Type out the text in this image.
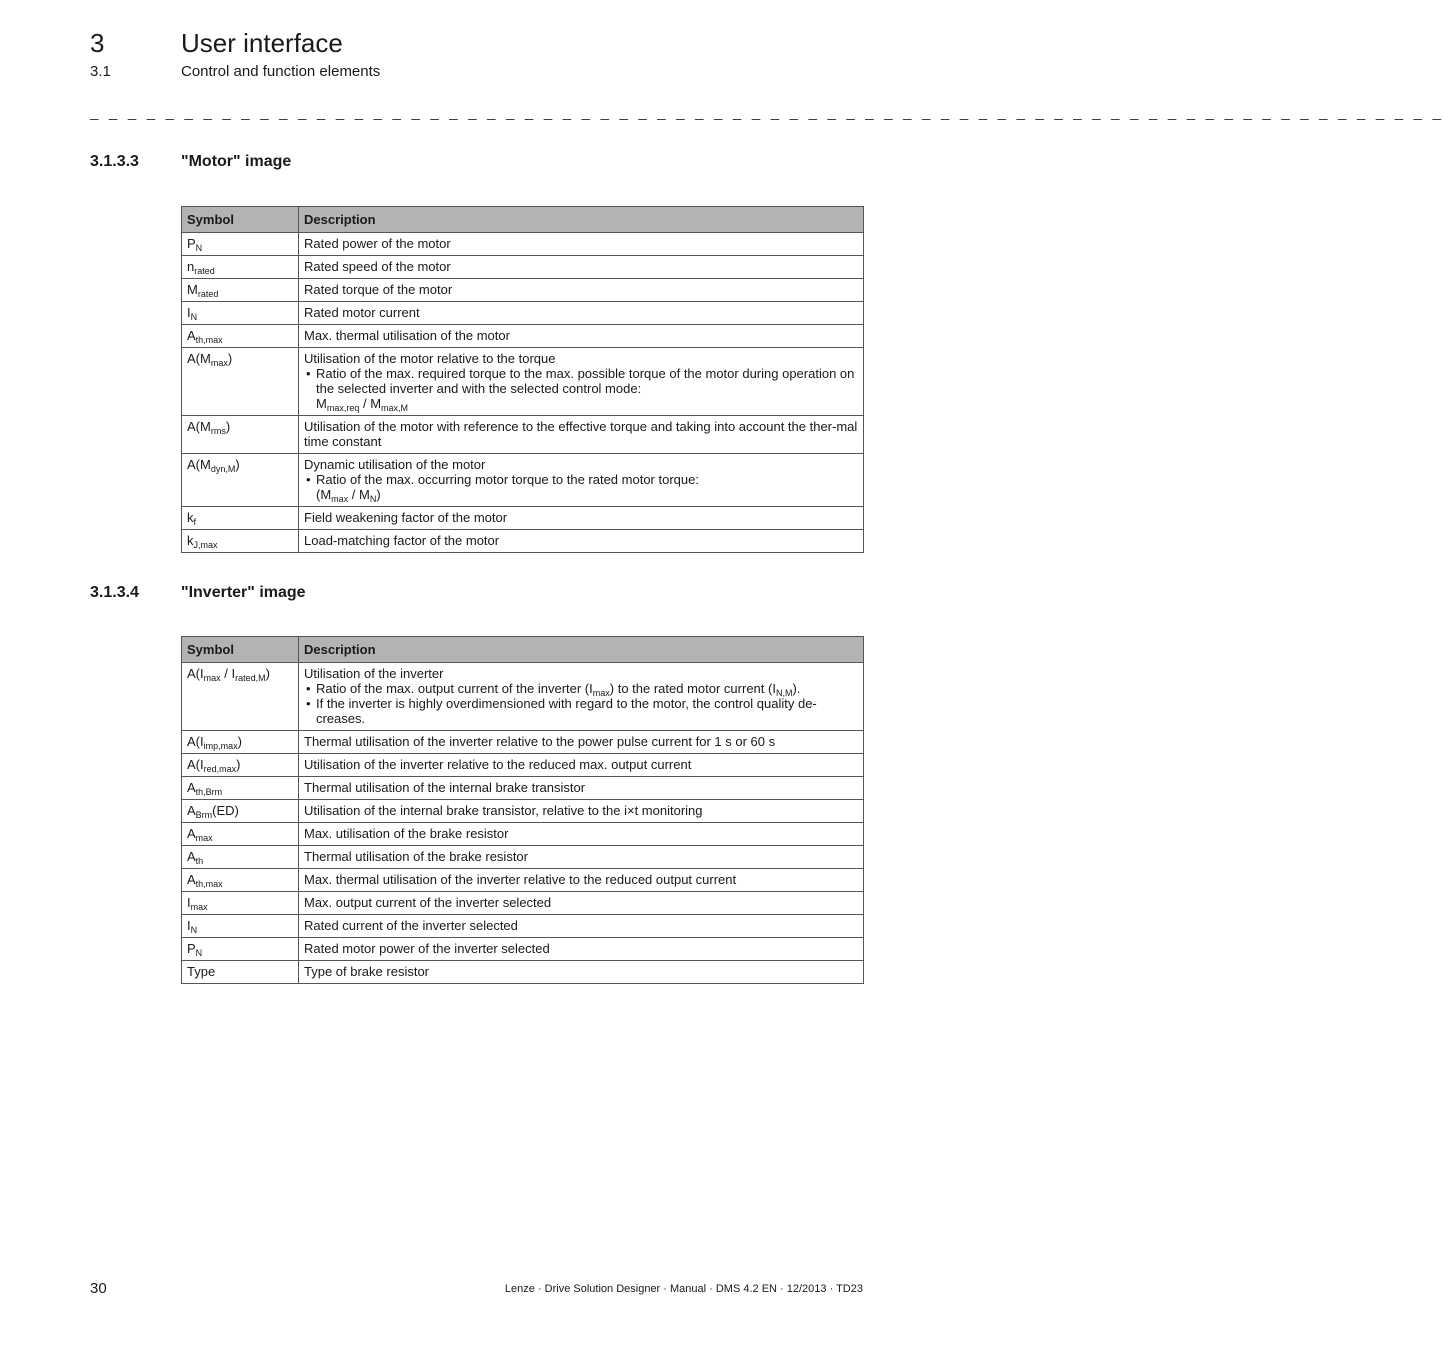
3	User interface
3.1	Control and function elements
_ _ _ _ _ _ _ _ _ _ _ _ _ _ _ _ _ _ _ _ _ _ _ _ _ _ _ _ _ _ _ _ _ _ _ _ _ _ _ _ _ _ _ _ _ _ _ _ _ _ _ _ _ _ _ _ _ _ _ _ _ _ _ _ _ _ _ _ _ _ _ _
3.1.3.3	"Motor" image
Symbol	Description
$P_N$	Rated power of the motor
$n_{rated}$	Rated speed of the motor
$M_{rated}$	Rated torque of the motor
$I_N$	Rated motor current
$A_{th,max}$	Max. thermal utilisation of the motor
$A(M_{max})$	Utilisation of the motor relative to the torque
• Ratio of the max. required torque to the max. possible torque of the motor during operation on the selected inverter and with the selected control mode:
$M_{max,req} / M_{max,M}$

$A(M_{rms})$	Utilisation of the motor with reference to the effective torque and taking into account the ther-mal time constant
$A(M_{dyn,M})$	Dynamic utilisation of the motor
• Ratio of the max. occurring motor torque to the rated motor torque:
$(M_{max} / M_N)$

$k_f$	Field weakening factor of the motor
$k_{J,max}$	Load-matching factor of the motor
3.1.3.4	"Inverter" image
Symbol	Description
$A(I_{max} / I_{rated,M})$	Utilisation of the inverter
• Ratio of the max. output current of the inverter $(I_{max})$ to the rated motor current $(I_{N,M})$.
• If the inverter is highly overdimensioned with regard to the motor, the control quality de-creases.

$A(I_{imp,max})$	Thermal utilisation of the inverter relative to the power pulse current for 1 s or 60 s
$A(I_{red,max})$	Utilisation of the inverter relative to the reduced max. output current
$A_{th,Brm}$	Thermal utilisation of the internal brake transistor
$A_{Brm}(ED)$	Utilisation of the internal brake transistor, relative to the i×t monitoring
$A_{max}$	Max. utilisation of the brake resistor
$A_{th}$	Thermal utilisation of the brake resistor
$A_{th,max}$	Max. thermal utilisation of the inverter relative to the reduced output current
$I_{max}$	Max. output current of the inverter selected
$I_N$	Rated current of the inverter selected
$P_N$	Rated motor power of the inverter selected
Type	Type of brake resistor
30	Lenze · Drive Solution Designer · Manual · DMS 4.2 EN · 12/2013 · TD23
